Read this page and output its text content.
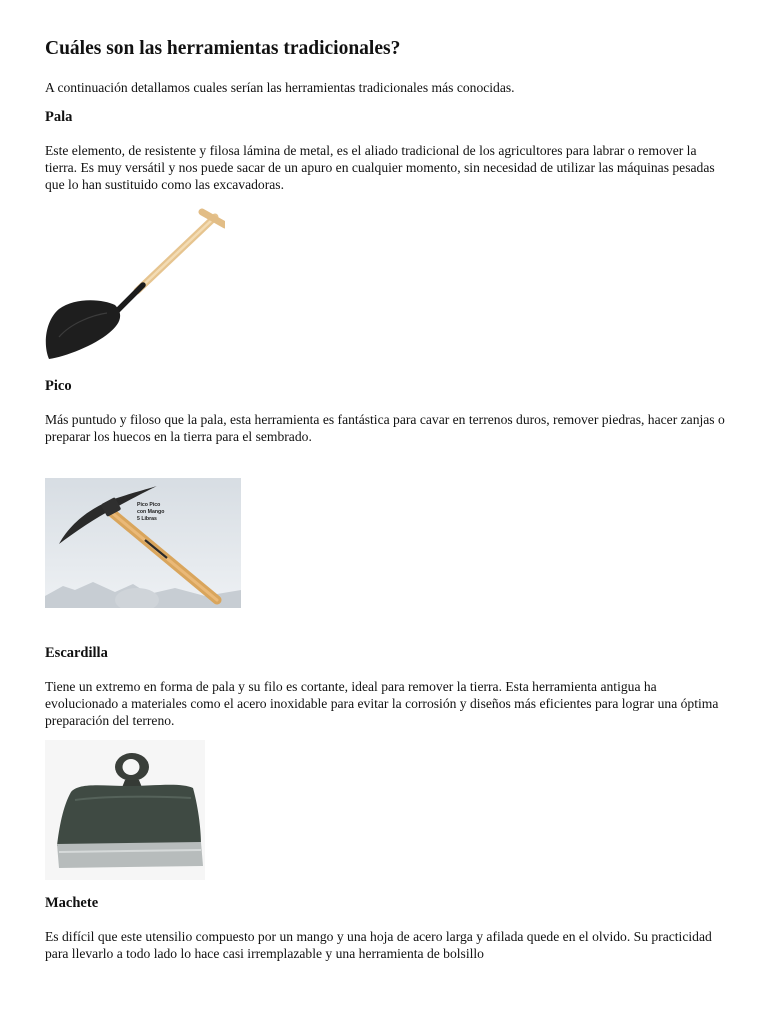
Cuáles son las herramientas tradicionales?

A continuación detallamos cuales serían las herramientas tradicionales más conocidas.

Pala

Este elemento, de resistente y filosa lámina de metal, es el aliado tradicional de los agricultores para labrar o remover la tierra. Es muy versátil y nos puede sacar de un apuro en cualquier momento, sin necesidad de utilizar las máquinas pesadas que lo han sustituido como las excavadoras.

Pico

Más puntudo y filoso que la pala, esta herramienta es fantástica para cavar en terrenos duros, remover piedras, hacer zanjas o preparar los huecos en la tierra para el sembrado.

Pico Pico
con Mango
5 Libras
Escardilla

Tiene un extremo en forma de pala y su filo es cortante, ideal para remover la tierra. Esta herramienta antigua ha evolucionado a materiales como el acero inoxidable para evitar la corrosión y diseños más eficientes para lograr una óptima preparación del terreno.

Machete

Es difícil que este utensilio compuesto por un mango y una hoja de acero larga y afilada quede en el olvido. Su practicidad para llevarlo a todo lado lo hace casi irremplazable y una herramienta de bolsillo
